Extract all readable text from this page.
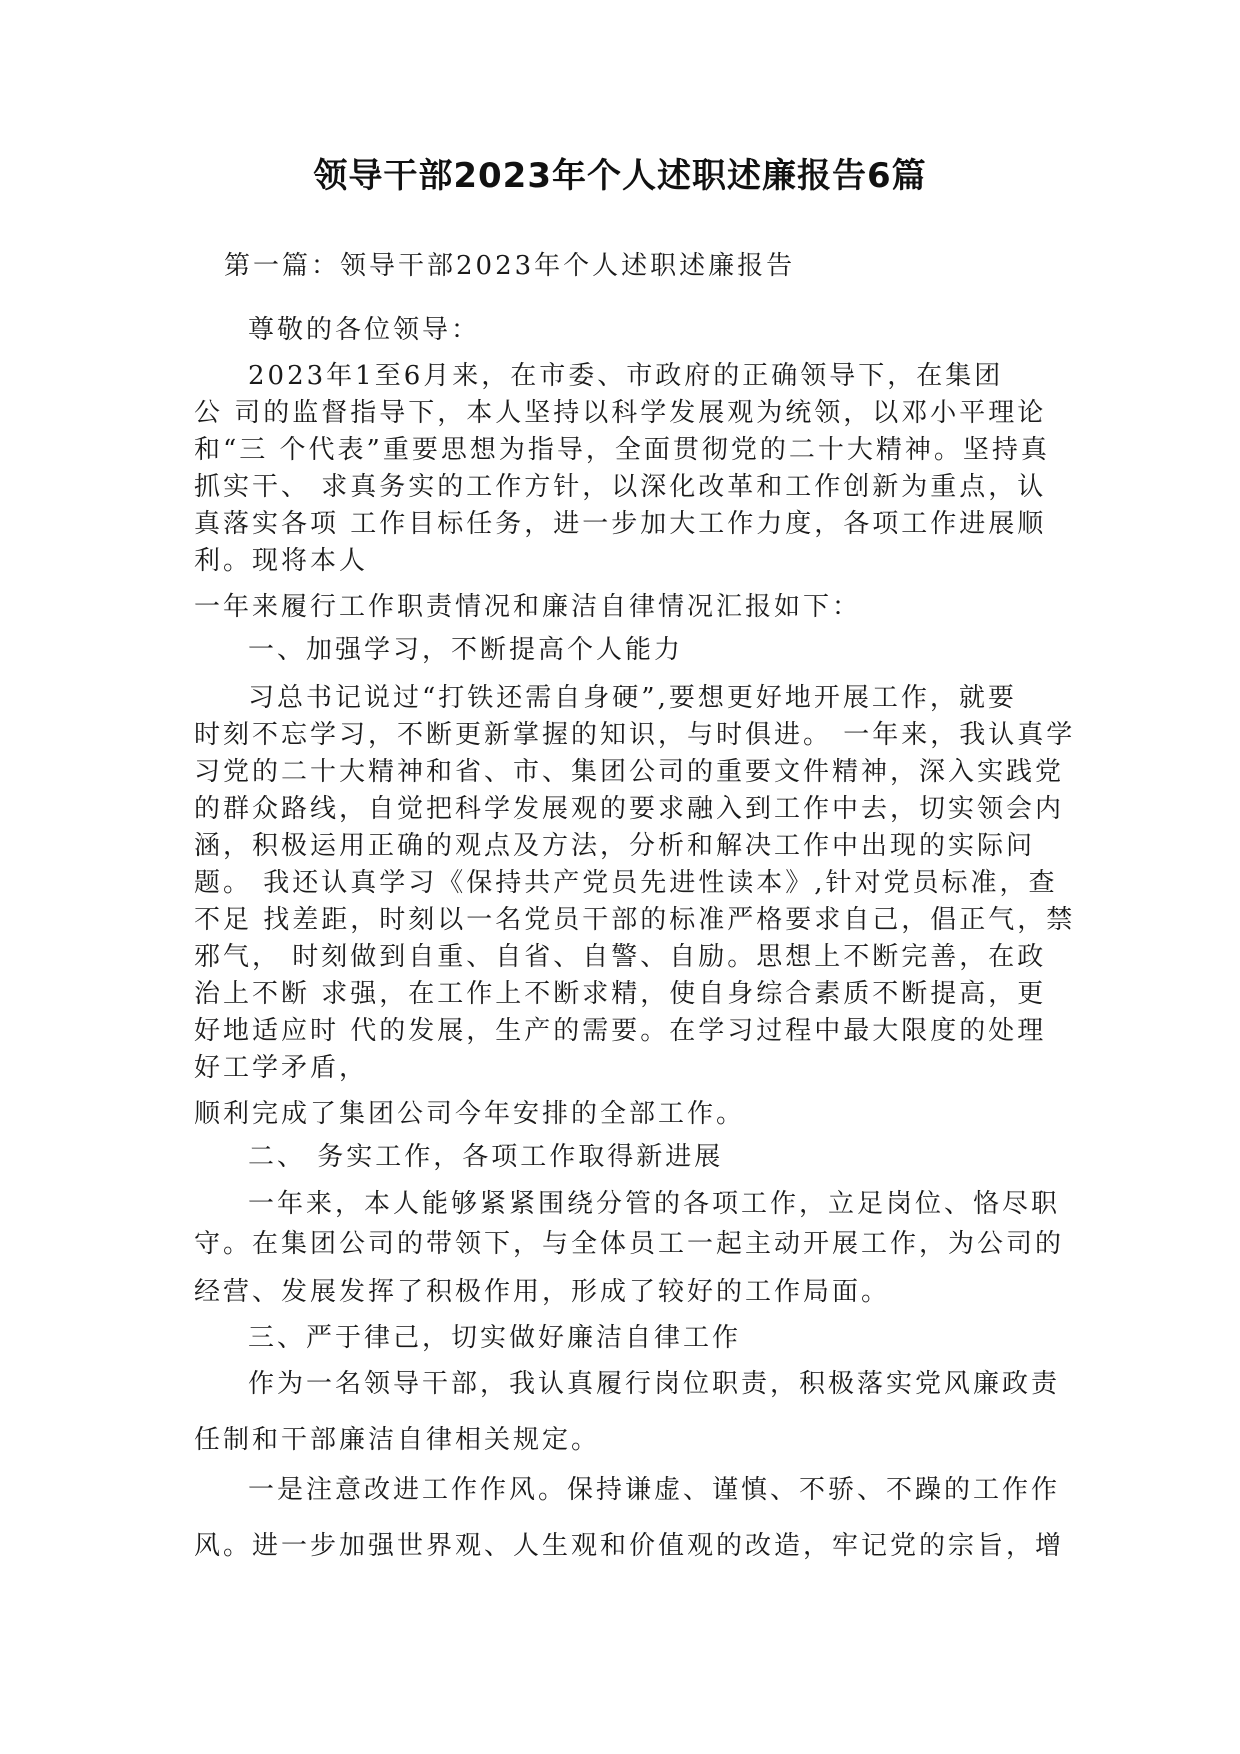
领导干部2023年个人述职述廉报告6篇
第一篇：领导干部2023年个人述职述廉报告
尊敬的各位领导：
2023年1至6月来，在市委、市政府的正确领导下，在集团
公 司的监督指导下，本人坚持以科学发展观为统领，以邓小平理论
和“三 个代表”重要思想为指导，全面贯彻党的二十大精神。坚持真
抓实干、 求真务实的工作方针，以深化改革和工作创新为重点，认
真落实各项 工作目标任务，进一步加大工作力度，各项工作进展顺
利。现将本人
一年来履行工作职责情况和廉洁自律情况汇报如下：
一、加强学习，不断提高个人能力
习总书记说过“打铁还需自身硬”,要想更好地开展工作，就要
时刻不忘学习，不断更新掌握的知识，与时俱进。 一年来，我认真学
习党的二十大精神和省、市、集团公司的重要文件精神，深入实践党
的群众路线，自觉把科学发展观的要求融入到工作中去，切实领会内
涵，积极运用正确的观点及方法，分析和解决工作中出现的实际问
题。 我还认真学习《保持共产党员先进性读本》,针对党员标准，查
不足 找差距，时刻以一名党员干部的标准严格要求自己，倡正气，禁
邪气， 时刻做到自重、自省、自警、自励。思想上不断完善，在政
治上不断 求强，在工作上不断求精，使自身综合素质不断提高，更
好地适应时 代的发展，生产的需要。在学习过程中最大限度的处理
好工学矛盾，
顺利完成了集团公司今年安排的全部工作。
二、 务实工作，各项工作取得新进展
一年来，本人能够紧紧围绕分管的各项工作，立足岗位、恪尽职
守。在集团公司的带领下，与全体员工一起主动开展工作，为公司的
经营、发展发挥了积极作用，形成了较好的工作局面。
三、严于律己，切实做好廉洁自律工作
作为一名领导干部，我认真履行岗位职责，积极落实党风廉政责
任制和干部廉洁自律相关规定。
一是注意改进工作作风。保持谦虚、谨慎、不骄、不躁的工作作
风。进一步加强世界观、人生观和价值观的改造，牢记党的宗旨，增
